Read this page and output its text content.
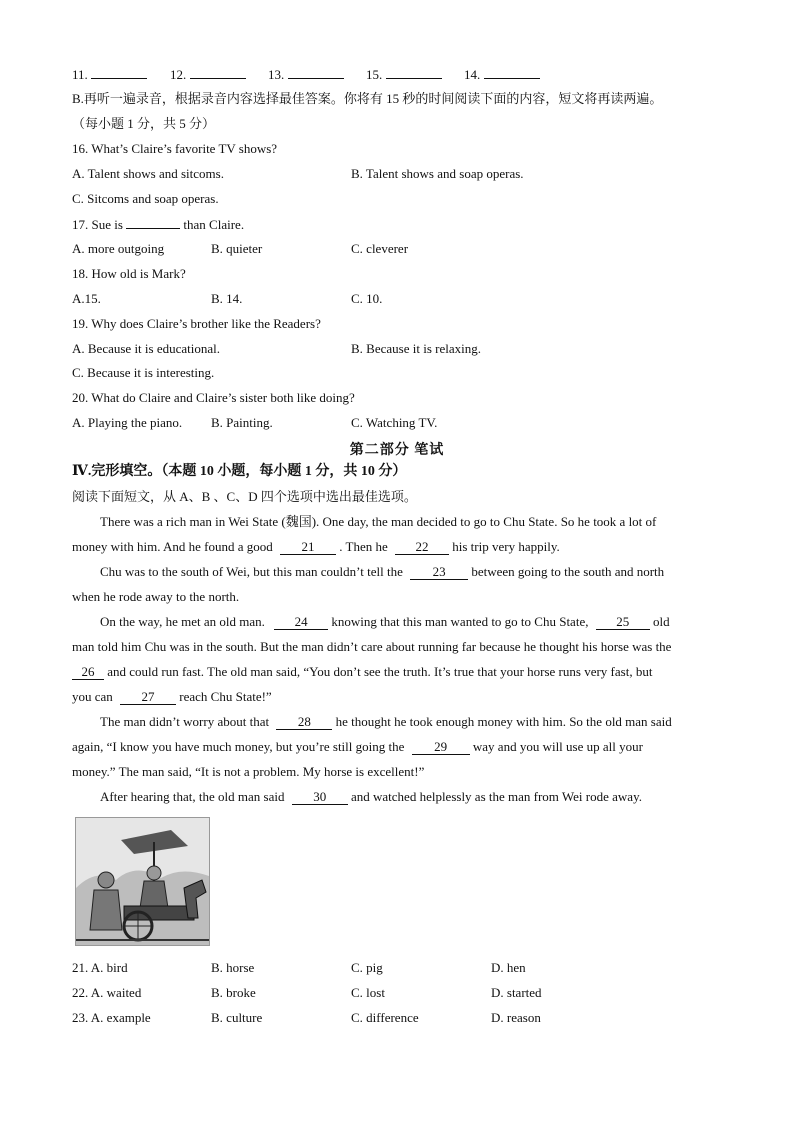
11.	12.	13.	15.	14.
B.再听一遍录音，根据录音内容选择最佳答案。你将有 15 秒的时间阅读下面的内容，短文将再读两遍。
（每小题 1 分，共 5 分）
16. What’s Claire’s favorite TV shows?
A. Talent shows and sitcoms.	B. Talent shows and soap operas.
C. Sitcoms and soap operas.
17. Sue is	than Claire.
A. more outgoing	B. quieter	C. cleverer
18. How old is Mark?
A.15.	B. 14.	C. 10.
19. Why does Claire’s brother like the Readers?
A. Because it is educational.	B. Because it is relaxing.
C. Because it is interesting.
20. What do Claire and Claire’s sister both like doing?
A. Playing the piano. B. Painting.	C. Watching TV.
第二部分 笔试
Ⅳ.完形填空。（本题 10 小题，每小题 1 分，共 10 分）
阅读下面短文，从 A、B 、C、D 四个选项中选出最佳选项。
There was a rich man in Wei State (魏国). One day, the man decided to go to Chu State. So he took a lot of
money with him. And he found a good 21 . Then he 22 his trip very happily.
Chu was to the south of Wei, but this man couldn’t tell the 23 between going to the south and north
when he rode away to the north.
On the way, he met an old man. 24 knowing that this man wanted to go to Chu State, 25 old
man told him Chu was in the south. But the man didn’t care about running far because he thought his horse was the
26 and could run fast. The old man said, “You don’t see the truth. It’s true that your horse runs very fast, but
you can 27 reach Chu State!”
The man didn’t worry about that 28 he thought he took enough money with him. So the old man said
again, “I know you have much money, but you’re still going the 29 way and you will use up all your
money.” The man said, “It is not a problem. My horse is excellent!”
After hearing that, the old man said 30 and watched helplessly as the man from Wei rode away.
21. A. bird	B. horse	C. pig	D. hen
22. A. waited	B. broke	C. lost	D. started
23. A. example	B. culture	C. difference	D. reason
